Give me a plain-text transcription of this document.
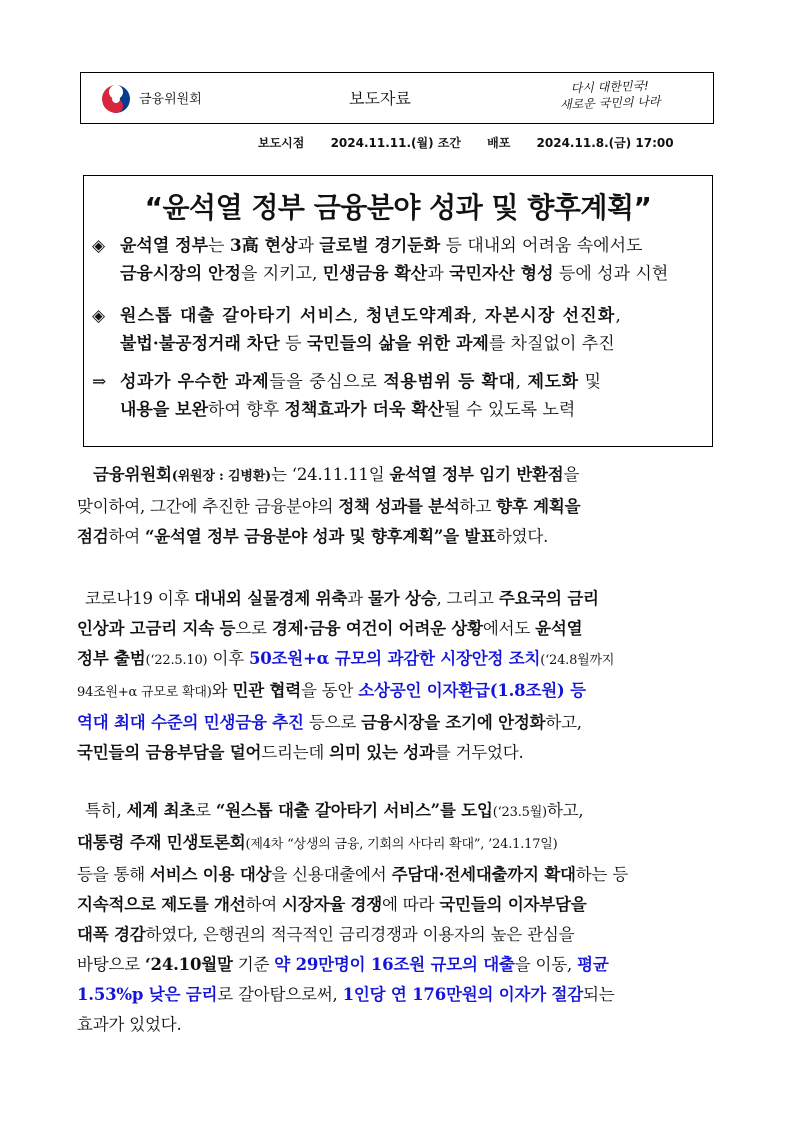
금융위원회	보도자료
다시 대한민국!
새로운 국민의 나라
보도시점 2024.11.11.(월) 조간 배포 2024.11.8.(금) 17:00
“윤석열 정부 금융분야 성과 및 향후계획”
◈ 윤석열 정부는 3高 현상과 글로벌 경기둔화 등 대내외 어려움 속에서도
금융시장의 안정을 지키고, 민생금융 확산과 국민자산 형성 등에 성과 시현
◈ 원스톱 대출 갈아타기 서비스, 청년도약계좌, 자본시장 선진화,
불법·불공정거래 차단 등 국민들의 삶을 위한 과제를 차질없이 추진
⇒ 성과가 우수한 과제들을 중심으로 적용범위 등 확대, 제도화 및
내용을 보완하여 향후 정책효과가 더욱 확산될 수 있도록 노력
금융위원회(위원장 : 김병환)는 ‘24.11.11일 윤석열 정부 임기 반환점을
맞이하여, 그간에 추진한 금융분야의 정책 성과를 분석하고 향후 계획을
점검하여 “윤석열 정부 금융분야 성과 및 향후계획”을 발표하였다.
코로나19 이후 대내외 실물경제 위축과 물가 상승, 그리고 주요국의 금리
인상과 고금리 지속 등으로 경제·금융 여건이 어려운 상황에서도 윤석열
정부 출범(‘22.5.10) 이후 50조원+α 규모의 과감한 시장안정 조치(‘24.8월까지
94조원+α 규모로 확대)와 민관 협력을 동안 소상공인 이자환급(1.8조원) 등
역대 최대 수준의 민생금융 추진 등으로 금융시장을 조기에 안정화하고,
국민들의 금융부담을 덜어드리는데 의미 있는 성과를 거두었다.
특히, 세계 최초로 “원스톱 대출 갈아타기 서비스”를 도입(‘23.5월)하고,
대통령 주재 민생토론회(제4차 “상생의 금융, 기회의 사다리 확대”, ’24.1.17일)
등을 통해 서비스 이용 대상을 신용대출에서 주담대·전세대출까지 확대하는 등
지속적으로 제도를 개선하여 시장자율 경쟁에 따라 국민들의 이자부담을
대폭 경감하였다, 은행권의 적극적인 금리경쟁과 이용자의 높은 관심을
바탕으로 ‘24.10월말 기준 약 29만명이 16조원 규모의 대출을 이동, 평균
1.53%p 낮은 금리로 갈아탐으로써, 1인당 연 176만원의 이자가 절감되는
효과가 있었다.
